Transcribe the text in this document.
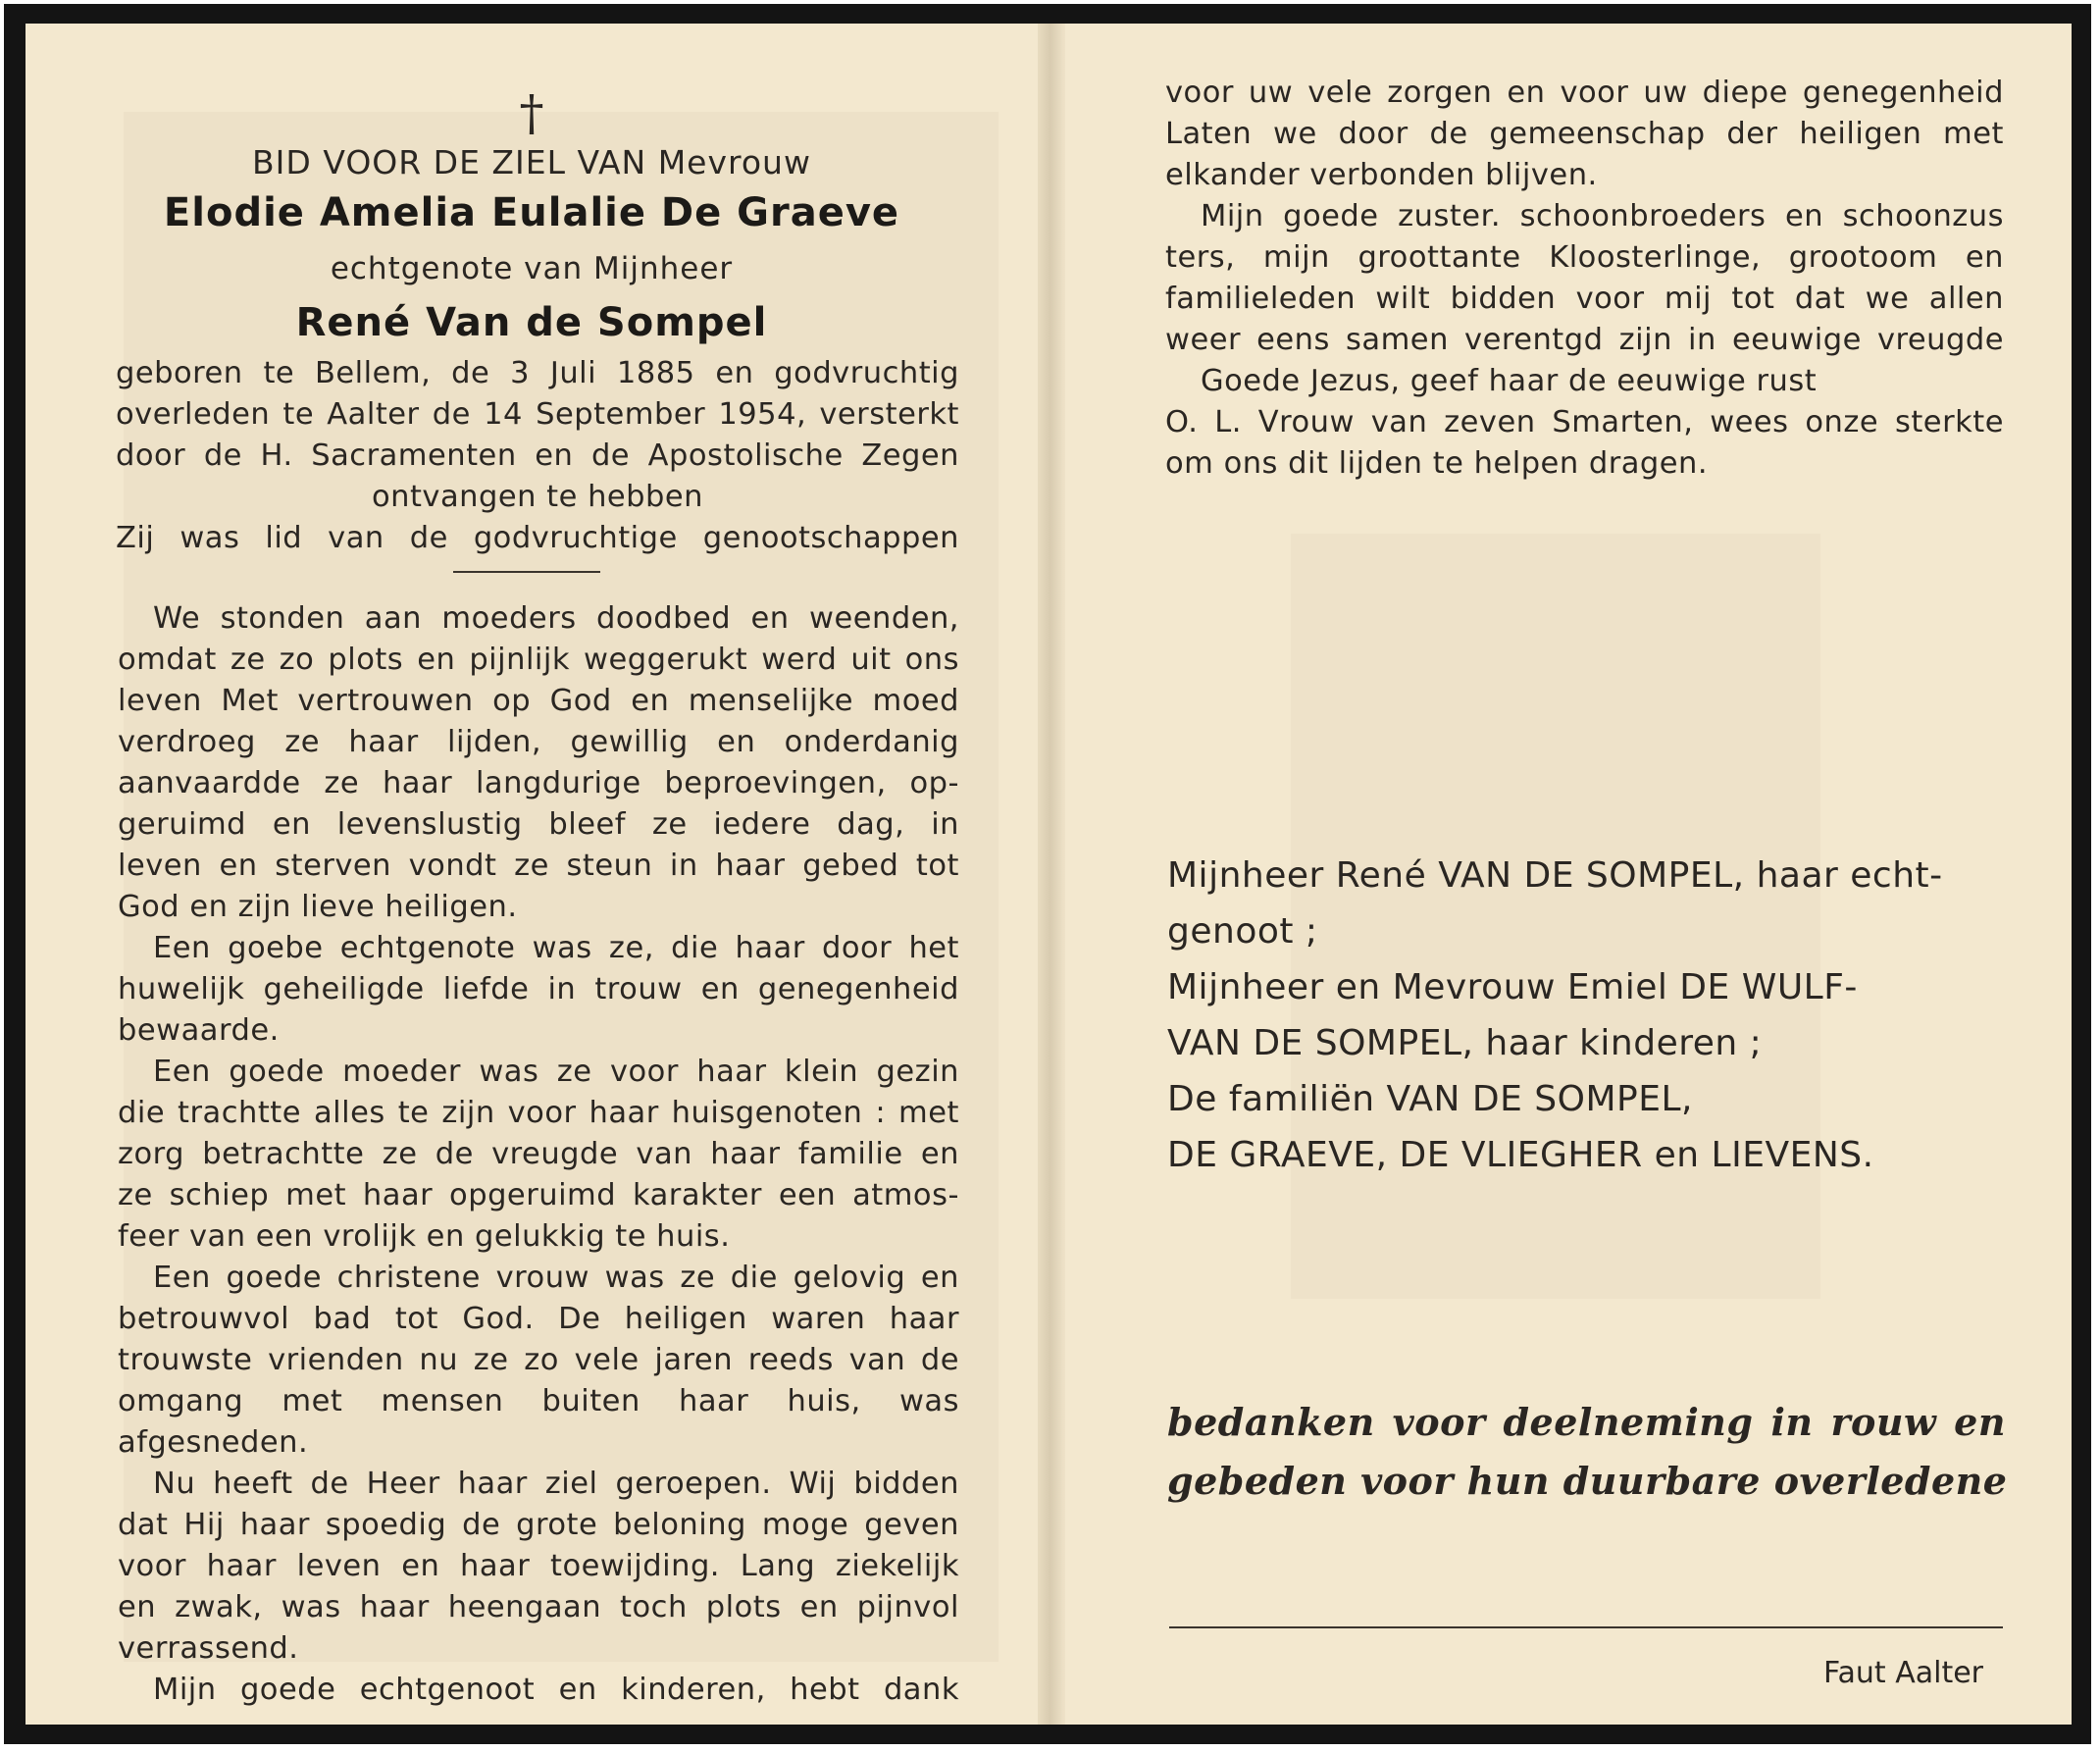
†
BID VOOR DE ZIEL VAN Mevrouw
Elodie Amelia Eulalie De Graeve
echtgenote van Mijnheer
René Van de Sompel
geboren te Bellem, de 3 Juli 1885 en godvruchtig
overleden te Aalter de 14 September 1954, versterkt
door de H. Sacramenten en de Apostolische Zegen
ontvangen te hebben
Zij was lid van de godvruchtige genootschappen
We stonden aan moeders doodbed en weenden,
omdat ze zo plots en pijnlijk weggerukt werd uit ons
leven Met vertrouwen op God en menselijke moed
verdroeg ze haar lijden, gewillig en onderdanig
aanvaardde ze haar langdurige beproevingen, op-
geruimd en levenslustig bleef ze iedere dag, in
leven en sterven vondt ze steun in haar gebed tot
God en zijn lieve heiligen.
Een goebe echtgenote was ze, die haar door het
huwelijk geheiligde liefde in trouw en genegenheid
bewaarde.
Een goede moeder was ze voor haar klein gezin
die trachtte alles te zijn voor haar huisgenoten : met
zorg betrachtte ze de vreugde van haar familie en
ze schiep met haar opgeruimd karakter een atmos-
feer van een vrolijk en gelukkig te huis.
Een goede christene vrouw was ze die gelovig en
betrouwvol bad tot God. De heiligen waren haar
trouwste vrienden nu ze zo vele jaren reeds van de
omgang met mensen buiten haar huis, was
afgesneden.
Nu heeft de Heer haar ziel geroepen. Wij bidden
dat Hij haar spoedig de grote beloning moge geven
voor haar leven en haar toewijding. Lang ziekelijk
en zwak, was haar heengaan toch plots en pijnvol
verrassend.
Mijn goede echtgenoot en kinderen, hebt dank
voor uw vele zorgen en voor uw diepe genegenheid
Laten we door de gemeenschap der heiligen met
elkander verbonden blijven.
Mijn goede zuster. schoonbroeders en schoonzus
ters, mijn groottante Kloosterlinge, grootoom en
familieleden wilt bidden voor mij tot dat we allen
weer eens samen verentgd zijn in eeuwige vreugde
Goede Jezus, geef haar de eeuwige rust
O. L. Vrouw van zeven Smarten, wees onze sterkte
om ons dit lijden te helpen dragen.
Mijnheer René VAN DE SOMPEL, haar echt-
genoot ;
Mijnheer en Mevrouw Emiel DE WULF-
VAN DE SOMPEL, haar kinderen ;
De familiën VAN DE SOMPEL,
DE GRAEVE, DE VLIEGHER en LIEVENS.
bedanken voor deelneming in rouw en
gebeden voor hun duurbare overledene
Faut Aalter
